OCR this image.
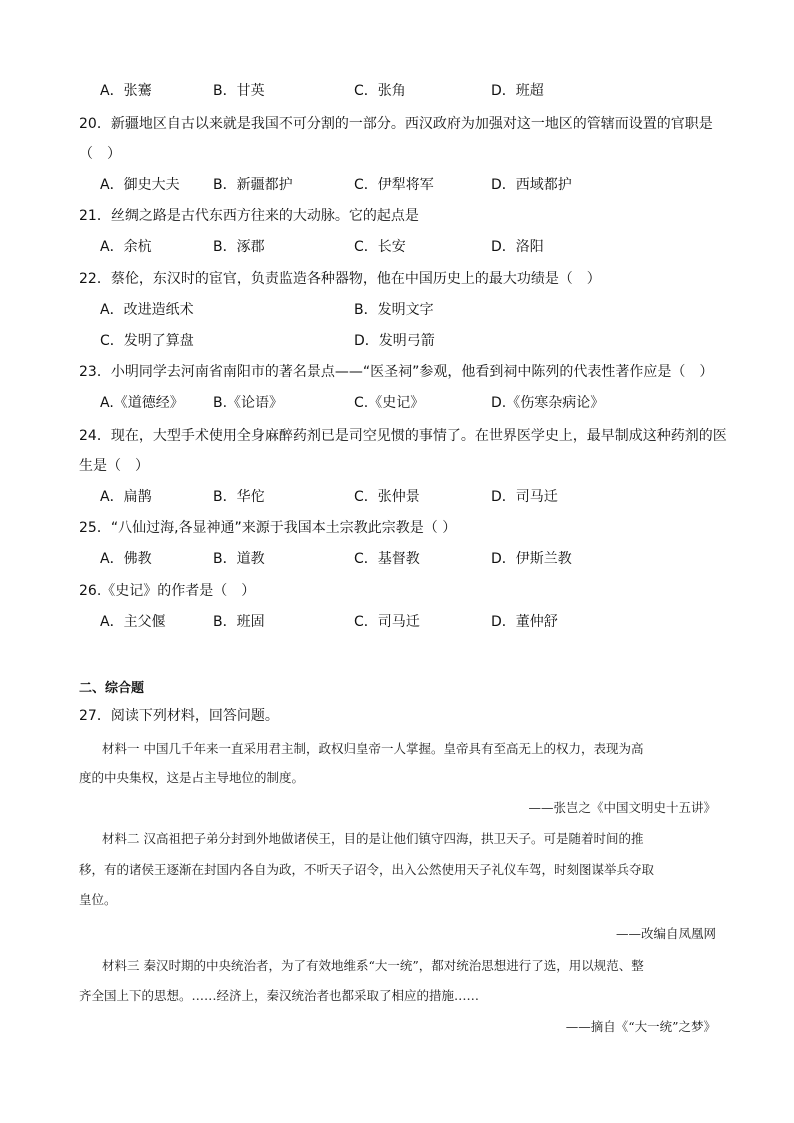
A．张騫	B．甘英	C．张角	D．班超
20．新疆地区自古以来就是我国不可分割的一部分。西汉政府为加强对这一地区的管辖而设置的官职是
（　）
A．御史大夫 B．新疆都护	C．伊犁将军	D．西域都护
21．丝绸之路是古代东西方往来的大动脉。它的起点是
A．余杭	B．涿郡	C．长安	D．洛阳
22．蔡伦，东汉时的宦官，负责监造各种器物，他在中国历史上的最大功绩是（　）
A．改进造纸术	B．发明文字
C．发明了算盘	D．发明弓箭
23．小明同学去河南省南阳市的著名景点——“医圣祠”参观，他看到祠中陈列的代表性著作应是（　）
A.《道德经》 B.《论语》	C.《史记》	D.《伤寒杂病论》
24．现在，大型手术使用全身麻醉药剂已是司空见惯的事情了。在世界医学史上，最早制成这种药剂的医
生是（　）
A．扁鹊	B．华佗	C．张仲景	D．司马迁
25．“八仙过海,各显神通”来源于我国本土宗教此宗教是（ ）
A．佛教	B．道教	C．基督教	D．伊斯兰教
26.《史记》的作者是（　）
A．主父偃	B．班固	C．司马迁	D．董仲舒
二、综合题
27．阅读下列材料，回答问题。
材料一 中国几千年来一直采用君主制，政权归皇帝一人掌握。皇帝具有至高无上的权力，表现为高
度的中央集权，这是占主导地位的制度。
——张岂之《中国文明史十五讲》
材料二 汉高祖把子弟分封到外地做诸侯王，目的是让他们镇守四海，拱卫天子。可是随着时间的推
移，有的诸侯王逐渐在封国内各自为政，不听天子诏令，出入公然使用天子礼仪车驾，时刻图谋举兵夺取
皇位。
——改编自凤凰网
材料三 秦汉时期的中央统治者，为了有效地维系“大一统”，都对统治思想进行了选，用以规范、整
齐全国上下的思想。……经济上，秦汉统治者也都采取了相应的措施……
——摘自《“大一统”之梦》
